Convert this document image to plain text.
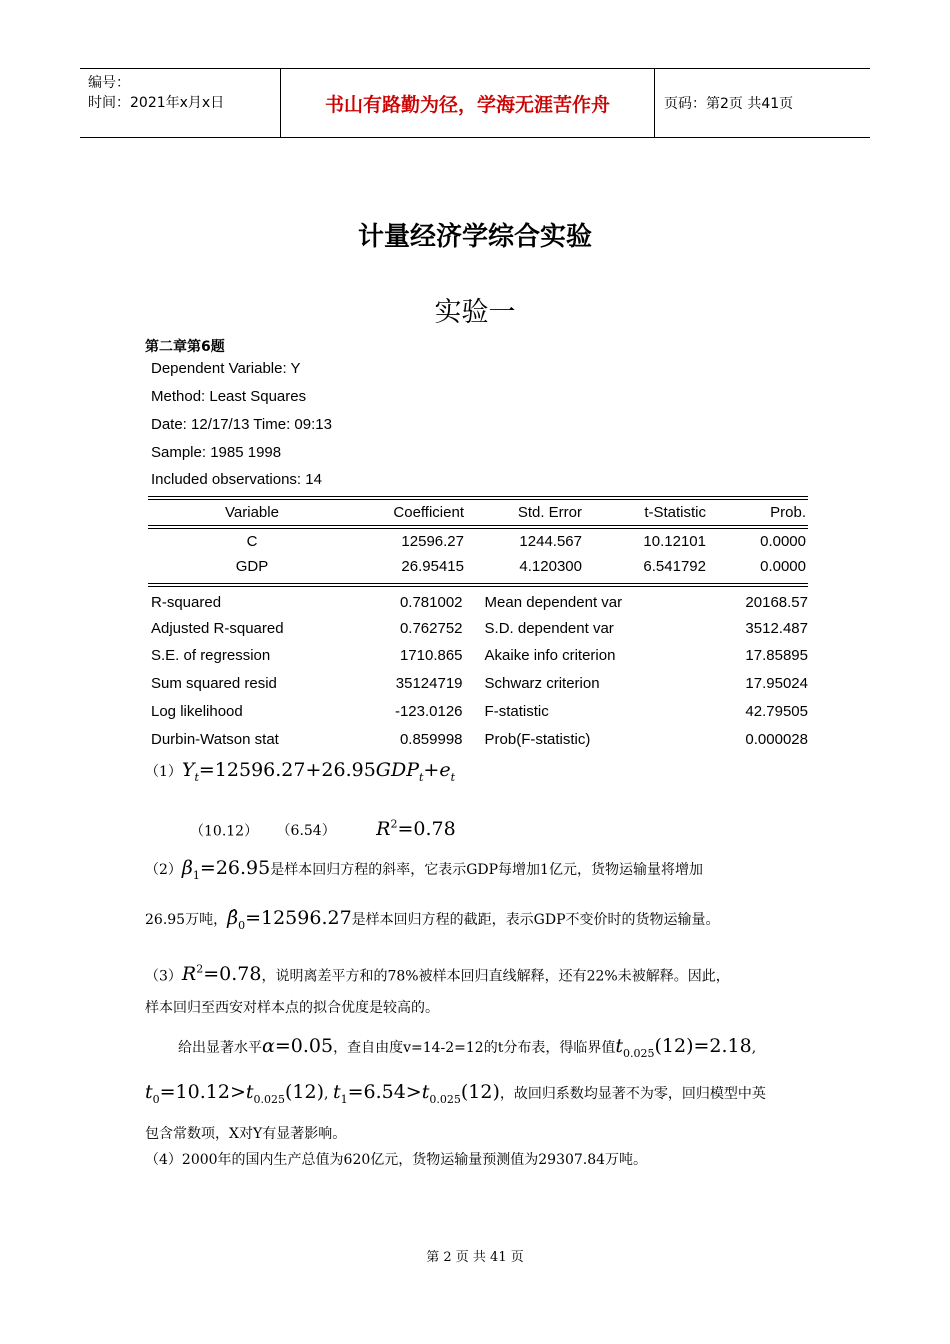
编号：
时间：2021年x月x日	书山有路勤为径，学海无涯苦作舟	页码：第2页 共41页
计量经济学综合实验
实验一
第二章第6题
Dependent Variable: Y
Method: Least Squares
Date: 12/17/13 Time: 09:13
Sample: 1985 1998
Included observations: 14
Variable	Coefficient	Std. Error	t-Statistic	Prob.
C	12596.27	1244.567	10.12101	0.0000
GDP	26.95415	4.120300	6.541792	0.0000
R-squared	0.781002	Mean dependent var	20168.57
Adjusted R-squared	0.762752	S.D. dependent var	3512.487
S.E. of regression	1710.865	Akaike info criterion	17.85895
Sum squared resid	35124719	Schwarz criterion	17.95024
Log likelihood	-123.0126	F-statistic	42.79505
Durbin-Watson stat	0.859998	Prob(F-statistic)	0.000028
$(1)Y_t=12596.27+26.95GDP_t+e_t$
（10.12） （6.54） $R^2=0.78$
$(2)\beta_1=26.95$是样本回归方程的斜率，它表示GDP每增加1亿元，货物运输量将增加
26.95万吨，$\betâ_0=12596.27$是样本回归方程的截距，表示GDP不变价时的货物运输量。
$(3)R^2=0.78$，说明离差平方和的78%被样本回归直线解释，还有22%未被解释。因此，
样本回归至西安对样本点的拟合优度是较高的。
给出显著水平α=0.05，查自由度v=14-2=12的t分布表，得临界值$t_{0.025}(12)=2.18$,
$t_0=10.12>t_{0.025}(12)$, $t_1=6.54>t_{0.025}(12)$，故回归系数均显著不为零，回归模型中英
包含常数项，X对Y有显著影响。
（4）2000年的国内生产总值为620亿元，货物运输量预测值为29307.84万吨。
第 2 页 共 41 页
